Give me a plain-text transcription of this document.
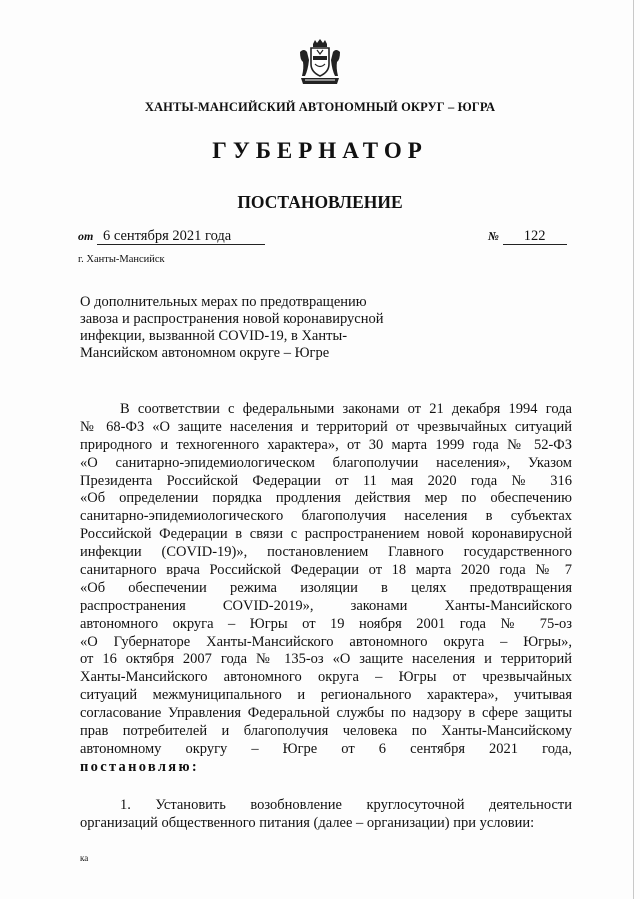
ХАНТЫ-МАНСИЙСКИЙ АВТОНОМНЫЙ ОКРУГ – ЮГРА
ГУБЕРНАТОР
ПОСТАНОВЛЕНИЕ
от 6 сентября 2021 года	№ 122
г. Ханты-Мансийск
О дополнительных мерах по предотвращению
завоза и распространения новой коронавирусной
инфекции, вызванной COVID-19, в Ханты-
Мансийском автономном округе – Югре
В соответствии с федеральными законами от 21 декабря 1994 года
№ 68-ФЗ «О защите населения и территорий от чрезвычайных ситуаций
природного и техногенного характера», от 30 марта 1999 года № 52-ФЗ
«О санитарно-эпидемиологическом благополучии населения», Указом
Президента Российской Федерации от 11 мая 2020 года № 316
«Об определении порядка продления действия мер по обеспечению
санитарно-эпидемиологического благополучия населения в субъектах
Российской Федерации в связи с распространением новой коронавирусной
инфекции (COVID-19)», постановлением Главного государственного
санитарного врача Российской Федерации от 18 марта 2020 года № 7
«Об обеспечении режима изоляции в целях предотвращения
распространения COVID-2019», законами Ханты-Мансийского
автономного округа – Югры от 19 ноября 2001 года № 75-оз
«О Губернаторе Ханты-Мансийского автономного округа – Югры»,
от 16 октября 2007 года № 135-оз «О защите населения и территорий
Ханты-Мансийского автономного округа – Югры от чрезвычайных
ситуаций межмуниципального и регионального характера», учитывая
согласование Управления Федеральной службы по надзору в сфере защиты
прав потребителей и благополучия человека по Ханты-Мансийскому
автономному округу – Югре от 6 сентября 2021 года,
постановляю:
1. Установить возобновление круглосуточной деятельности
организаций общественного питания (далее – организации) при условии:
ка
